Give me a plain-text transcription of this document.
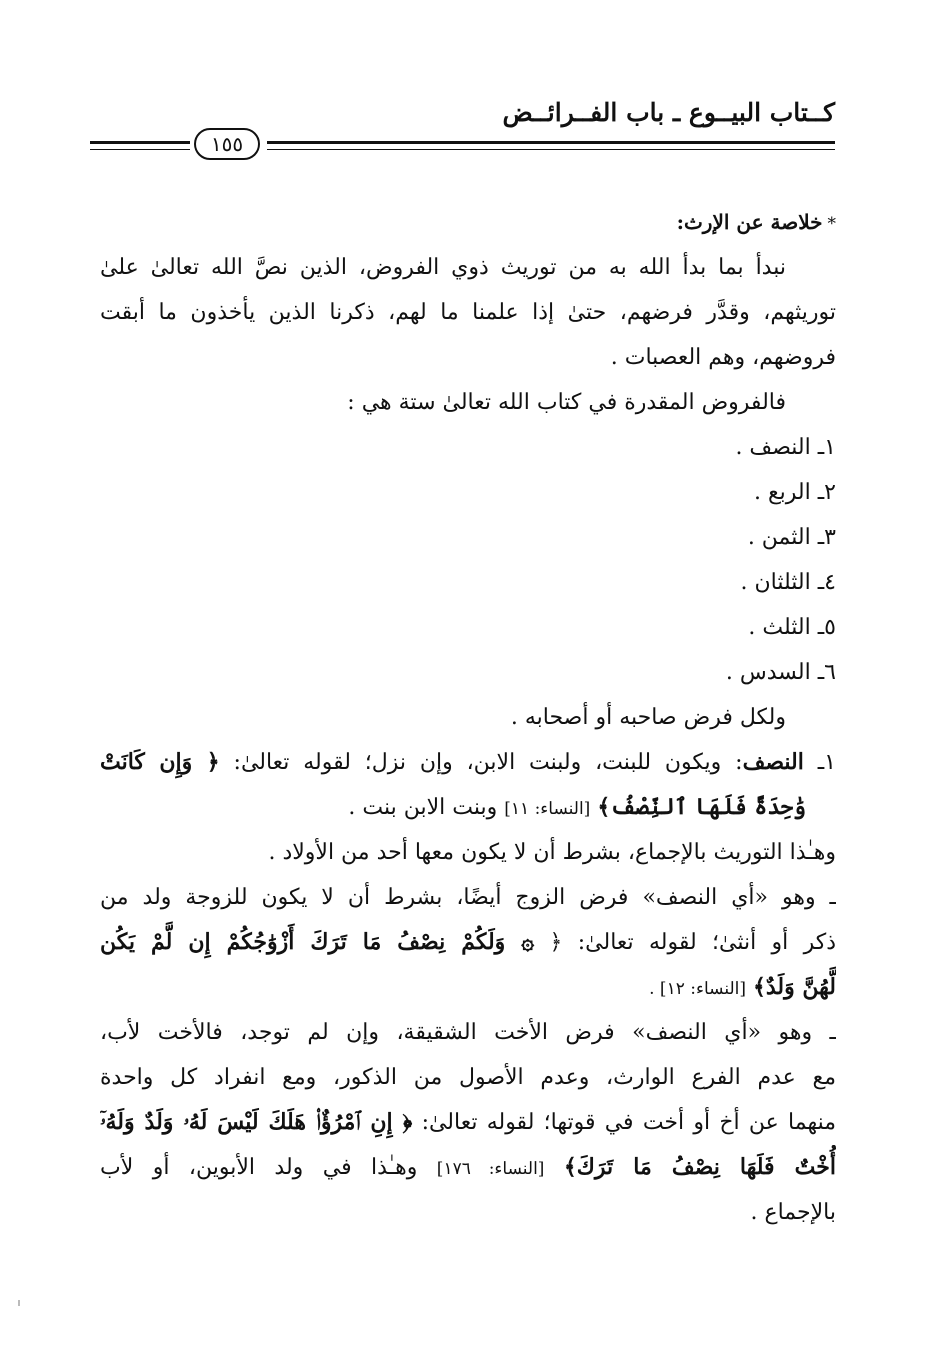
كــتاب البيــوع ـ باب الفــرائــض
١٥٥
*خلاصة عن الإرث:
نبدأ بما بدأ الله به من توريث ذوي الفروض، الذين نصَّ الله تعالىٰ علىٰ
توريثهم، وقدَّر فرضهم، حتىٰ إذا علمنا ما لهم، ذكرنا الذين يأخذون ما أبقت
فروضهم، وهم العصبات .
فالفروض المقدرة في كتاب الله تعالىٰ ستة هي :
١ـ النصف .
٢ـ الربع .
٣ـ الثمن .
٤ـ الثلثان .
٥ـ الثلث .
٦ـ السدس .
ولكل فرض صاحبه أو أصحابه .
١ـ النصف: ويكون للبنت، ولبنت الابن، وإن نزل؛ لقوله تعالىٰ: ﴿ وَإِن كَانَتْ
وَٰحِدَةً فَلَهَا ٱلنِّصْفُ﴾ [النساء: ١١] وبنت الابن بنت .
وهـٰذا التوريث بالإجماع، بشرط أن لا يكون معها أحد من الأولاد .
ـ وهو «أي النصف» فرض الزوج أيضًا، بشرط أن لا يكون للزوجة ولد من
ذكر أو أنثىٰ؛ لقوله تعالىٰ: ﴿ ۞ وَلَكُمْ نِصْفُ مَا تَرَكَ أَزْوَٰجُكُمْ إِن لَّمْ يَكُن
لَّهُنَّ وَلَدٌ﴾ [النساء: ١٢] .
ـ وهو «أي النصف» فرض الأخت الشقيقة، وإن لم توجد، فالأخت لأب،
مع عدم الفرع الوارث، وعدم الأصول من الذكور، ومع انفراد كل واحدة
منهما عن أخ أو أخت في قوتها؛ لقوله تعالىٰ: ﴿ إِنِ ٱمْرُؤٌا۟ هَلَكَ لَيْسَ لَهُۥ وَلَدٌ وَلَهُۥٓ
أُخْتٌ فَلَهَا نِصْفُ مَا تَرَكَ﴾ [النساء: ١٧٦] وهـٰذا في ولد الأبوين، أو لأب
بالإجماع .
